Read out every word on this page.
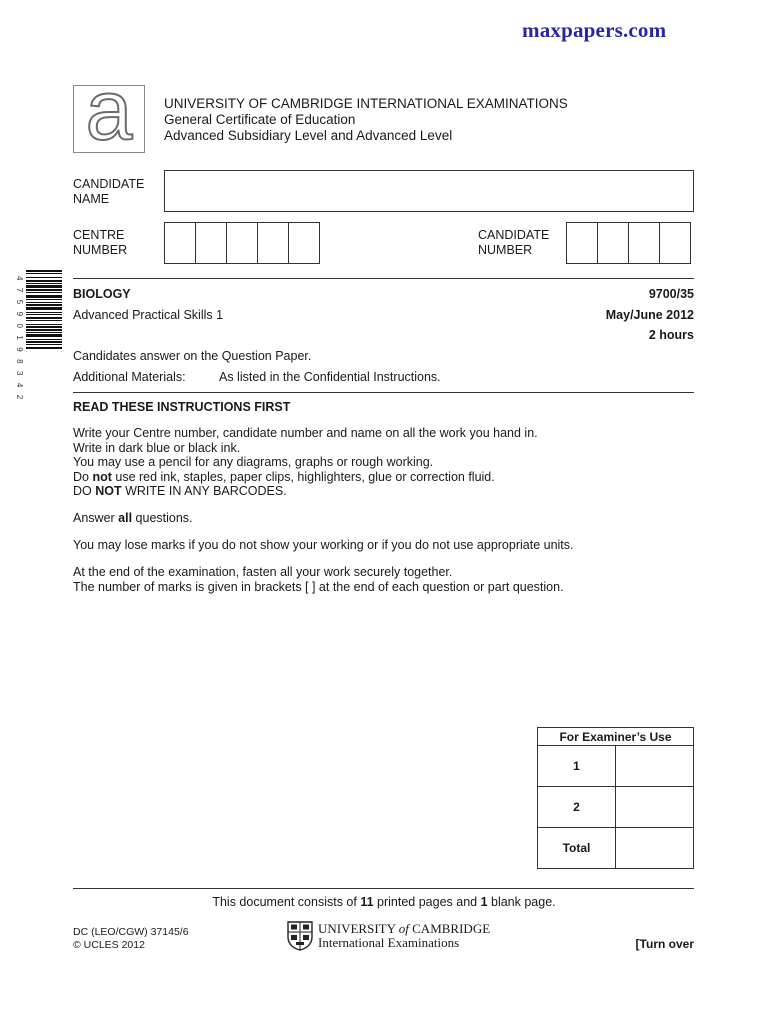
maxpapers.com
a	UNIVERSITY OF CAMBRIDGE INTERNATIONAL EXAMINATIONS
General Certificate of Education
Advanced Subsidiary Level and Advanced Level
CANDIDATE
NAME
CENTRE
NUMBER
CANDIDATE
NUMBER
4 7 5 9 0 1 9 8 3 4 2	BIOLOGY	9700/35
Advanced Practical Skills 1	May/June 2012
2 hours
Candidates answer on the Question Paper.
Additional Materials:	As listed in the Confidential Instructions.
READ THESE INSTRUCTIONS FIRST

Write your Centre number, candidate number and name on all the work you hand in.

Write in dark blue or black ink.

You may use a pencil for any diagrams, graphs or rough working.

Do not use red ink, staples, paper clips, highlighters, glue or correction fluid.

DO NOT WRITE IN ANY BARCODES.

Answer all questions.

You may lose marks if you do not show your working or if you do not use appropriate units.

At the end of the examination, fasten all your work securely together.

The number of marks is given in brackets [ ] at the end of each question or part question.

For Examiner’s Use	
1	
2	
Total	
This document consists of 11 printed pages and 1 blank page.
DC (LEO/CGW) 37145/6
© UCLES 2012
UNIVERSITY of CAMBRIDGE
International Examinations	[Turn over
